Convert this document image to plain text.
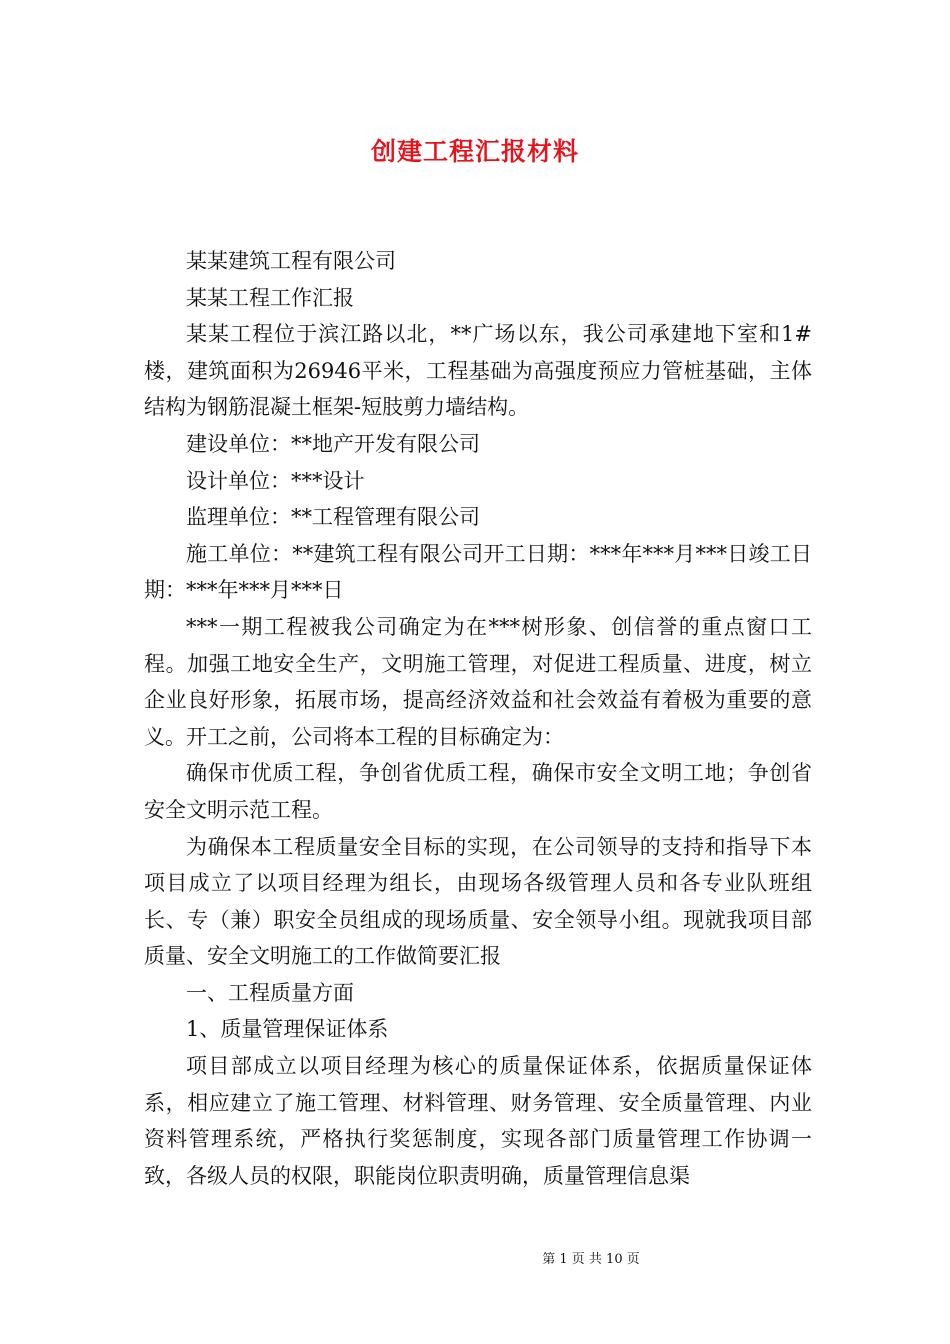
创建工程汇报材料

某某建筑工程有限公司

某某工程工作汇报

某某工程位于滨江路以北，**广场以东，我公司承建地下室和1#楼，建筑面积为26946平米，工程基础为高强度预应力管桩基础，主体结构为钢筋混凝土框架-短肢剪力墙结构。

建设单位：**地产开发有限公司

设计单位：***设计

监理单位：**工程管理有限公司

施工单位：**建筑工程有限公司开工日期：***年***月***日竣工日期：***年***月***日

***一期工程被我公司确定为在***树形象、创信誉的重点窗口工程。加强工地安全生产，文明施工管理，对促进工程质量、进度，树立企业良好形象，拓展市场，提高经济效益和社会效益有着极为重要的意义。开工之前，公司将本工程的目标确定为：

确保市优质工程，争创省优质工程，确保市安全文明工地；争创省安全文明示范工程。

为确保本工程质量安全目标的实现，在公司领导的支持和指导下本项目成立了以项目经理为组长，由现场各级管理人员和各专业队班组长、专（兼）职安全员组成的现场质量、安全领导小组。现就我项目部质量、安全文明施工的工作做简要汇报

一、工程质量方面

1、质量管理保证体系

项目部成立以项目经理为核心的质量保证体系，依据质量保证体系，相应建立了施工管理、材料管理、财务管理、安全质量管理、内业资料管理系统，严格执行奖惩制度，实现各部门质量管理工作协调一致，各级人员的权限，职能岗位职责明确，质量管理信息渠

第 1 页 共 10 页
